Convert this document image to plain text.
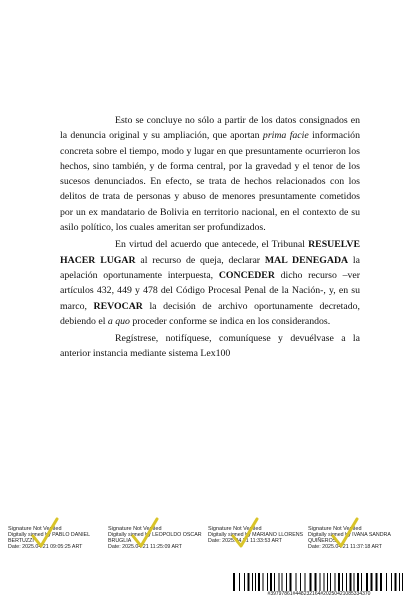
Esto se concluye no sólo a partir de los datos consignados en la denuncia original y su ampliación, que aportan prima facie información concreta sobre el tiempo, modo y lugar en que presuntamente ocurrieron los hechos, sino también, y de forma central, por la gravedad y el tenor de los sucesos denunciados. En efecto, se trata de hechos relacionados con los delitos de trata de personas y abuso de menores presuntamente cometidos por un ex mandatario de Bolivia en territorio nacional, en el contexto de su asilo político, los cuales ameritan ser profundizados.

En virtud del acuerdo que antecede, el Tribunal RESUELVE HACER LUGAR al recurso de queja, declarar MAL DENEGADA la apelación oportunamente interpuesta, CONCEDER dicho recurso –ver artículos 432, 449 y 478 del Código Procesal Penal de la Nación-, y, en su marco, REVOCAR la decisión de archivo oportunamente decretado, debiendo el a quo proceder conforme se indica en los considerandos.

Regístrese, notifíquese, comuníquese y devuélvase a la anterior instancia mediante sistema Lex100

Signature Not Verified
Digitally signed by PABLO DANIEL BERTUZZI
Date: 2025.04.21 09:05:25 ART
Signature Not Verified
Digitally signed by LEOPOLDO OSCAR BRUGLIA
Date: 2025.04.21 11:25:09 ART
Signature Not Verified
Digitally signed by MARIANO LLORENS
Date: 2025.04.21 11:33:53 ART
Signature Not Verified
Digitally signed by IVANA SANDRA QUIÑEROS
Date: 2025.04.21 11:37:18 ART
#39797861#448232164#20250421085334370
